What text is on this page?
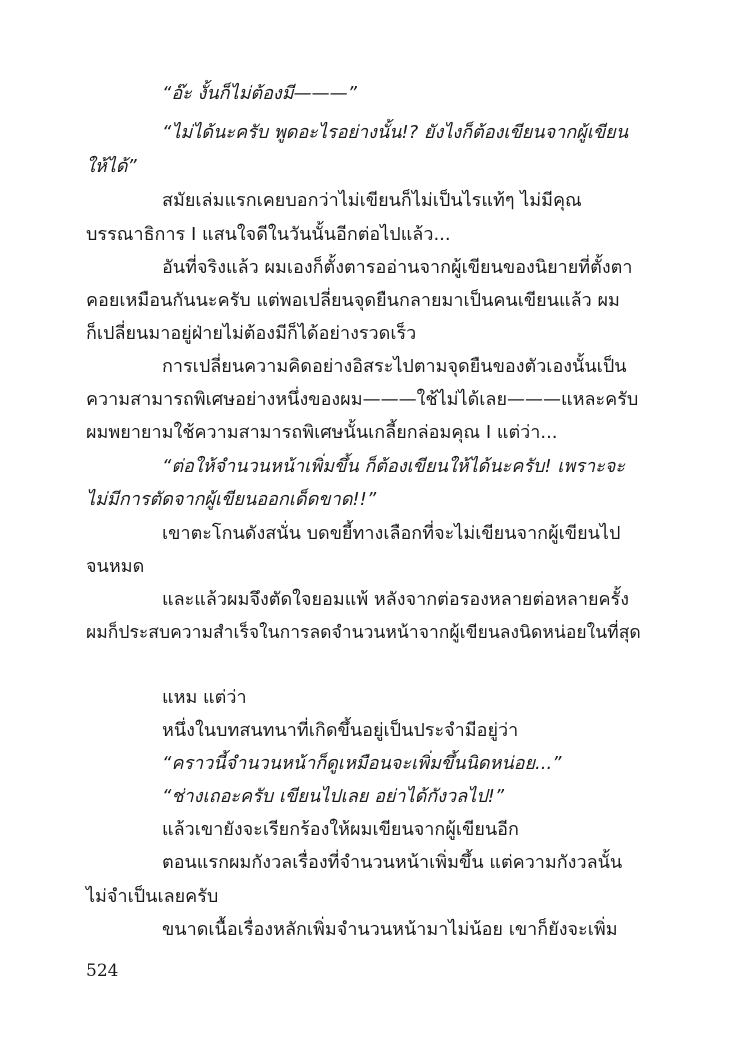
“อ๊ะ งั้นก็ไม่ต้องมี———”
“ไม่ได้นะครับ พูดอะไรอย่างนั้น!? ยังไงก็ต้องเขียนจากผู้เขียน
ให้ได้”
สมัยเล่มแรกเคยบอกว่าไม่เขียนก็ไม่เป็นไรแท้ๆ ไม่มีคุณ
บรรณาธิการ I แสนใจดีในวันนั้นอีกต่อไปแล้ว...
อันที่จริงแล้ว ผมเองก็ตั้งตารออ่านจากผู้เขียนของนิยายที่ตั้งตา
คอยเหมือนกันนะครับ แต่พอเปลี่ยนจุดยืนกลายมาเป็นคนเขียนแล้ว ผม
ก็เปลี่ยนมาอยู่ฝ่ายไม่ต้องมีก็ได้อย่างรวดเร็ว
การเปลี่ยนความคิดอย่างอิสระไปตามจุดยืนของตัวเองนั้นเป็น
ความสามารถพิเศษอย่างหนึ่งของผม———ใช้ไม่ได้เลย———แหละครับ
ผมพยายามใช้ความสามารถพิเศษนั้นเกลี้ยกล่อมคุณ I แต่ว่า...
“ต่อให้จำนวนหน้าเพิ่มขึ้น ก็ต้องเขียนให้ได้นะครับ! เพราะจะ
ไม่มีการตัดจากผู้เขียนออกเด็ดขาด!!”
เขาตะโกนดังสนั่น บดขยี้ทางเลือกที่จะไม่เขียนจากผู้เขียนไป
จนหมด
และแล้วผมจึงตัดใจยอมแพ้ หลังจากต่อรองหลายต่อหลายครั้ง
ผมก็ประสบความสำเร็จในการลดจำนวนหน้าจากผู้เขียนลงนิดหน่อยในที่สุด
แหม แต่ว่า
หนึ่งในบทสนทนาที่เกิดขึ้นอยู่เป็นประจำมีอยู่ว่า
“คราวนี้จำนวนหน้าก็ดูเหมือนจะเพิ่มขึ้นนิดหน่อย...”
“ช่างเถอะครับ เขียนไปเลย อย่าได้กังวลไป!”
แล้วเขายังจะเรียกร้องให้ผมเขียนจากผู้เขียนอีก
ตอนแรกผมกังวลเรื่องที่จำนวนหน้าเพิ่มขึ้น แต่ความกังวลนั้น
ไม่จำเป็นเลยครับ
ขนาดเนื้อเรื่องหลักเพิ่มจำนวนหน้ามาไม่น้อย เขาก็ยังจะเพิ่ม
524
